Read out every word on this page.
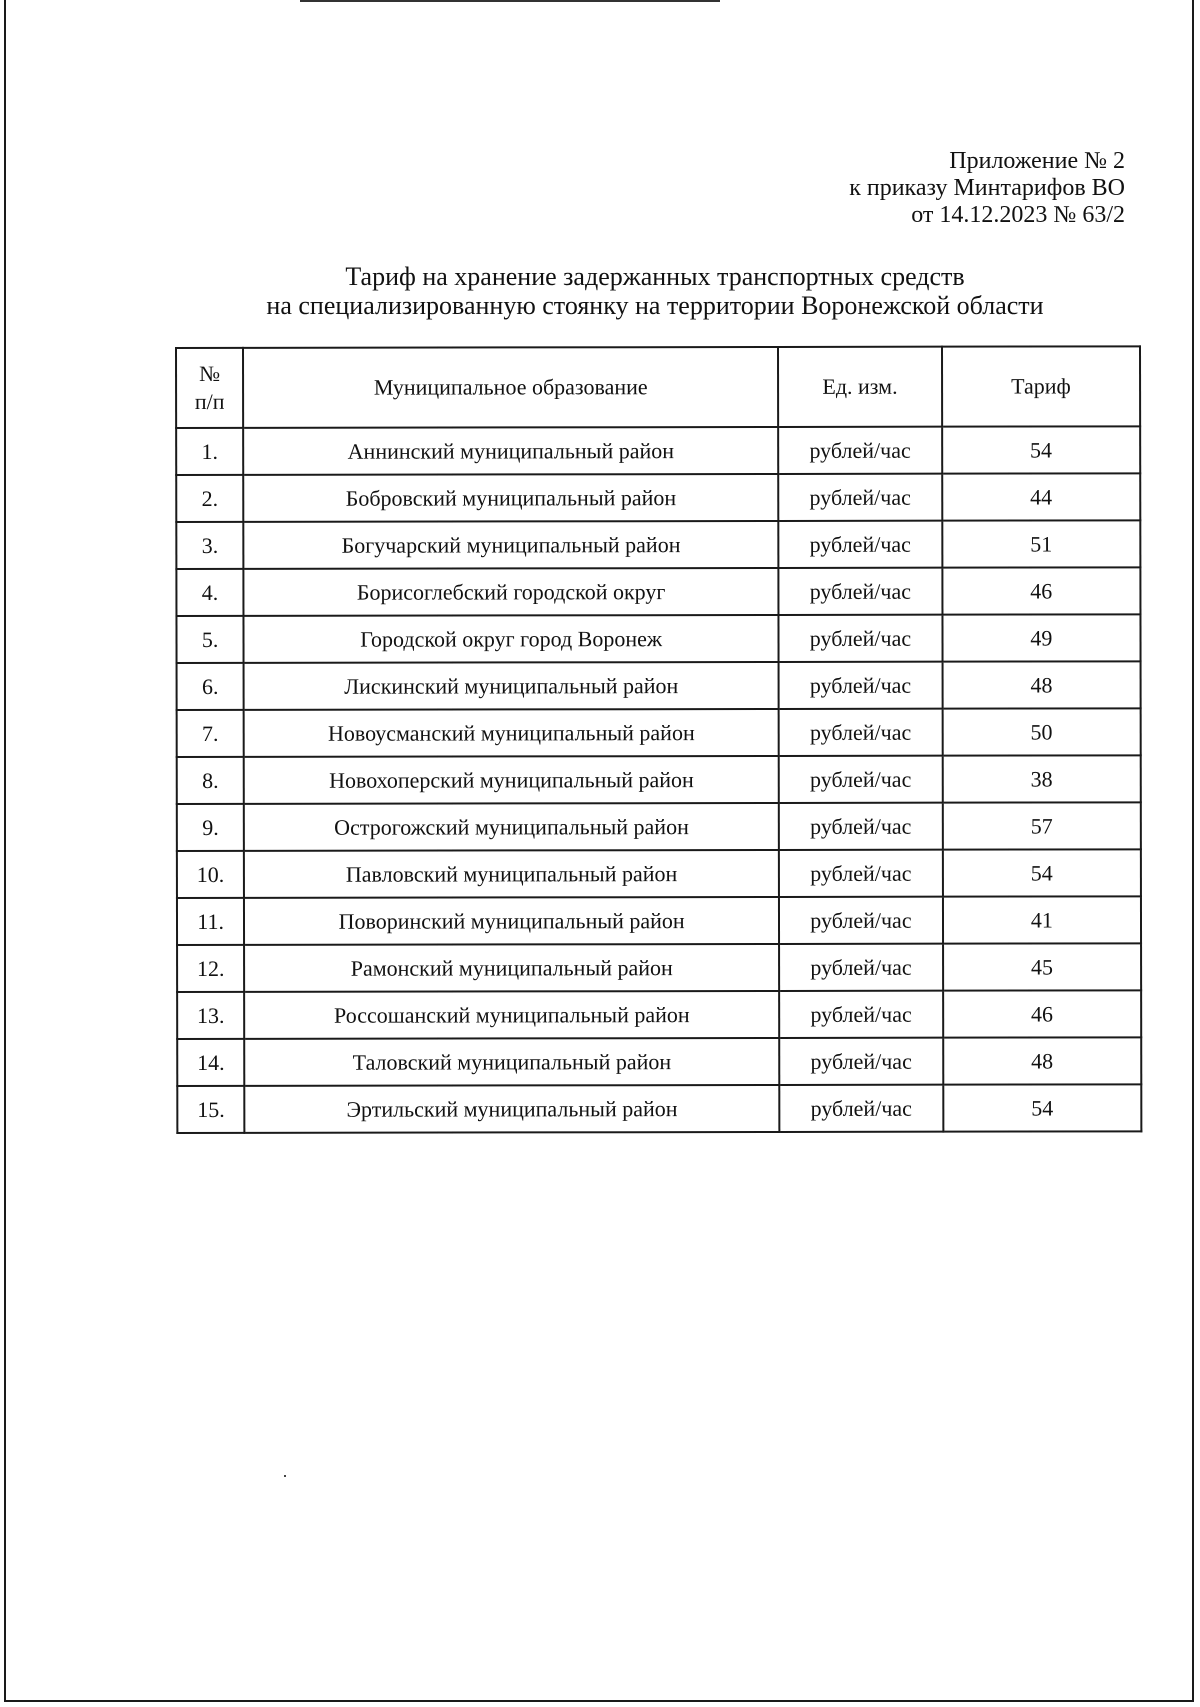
Приложение № 2
к приказу Минтарифов ВО
от 14.12.2023 № 63/2
Тариф на хранение задержанных транспортных средств
на специализированную стоянку на территории Воронежской области
№
п/п	Муниципальное образование	Ед. изм.	Тариф
1.	Аннинский муниципальный район	рублей/час	54
2.	Бобровский муниципальный район	рублей/час	44
3.	Богучарский муниципальный район	рублей/час	51
4.	Борисоглебский городской округ	рублей/час	46
5.	Городской округ город Воронеж	рублей/час	49
6.	Лискинский муниципальный район	рублей/час	48
7.	Новоусманский муниципальный район	рублей/час	50
8.	Новохоперский муниципальный район	рублей/час	38
9.	Острогожский муниципальный район	рублей/час	57
10.	Павловский муниципальный район	рублей/час	54
11.	Поворинский муниципальный район	рублей/час	41
12.	Рамонский муниципальный район	рублей/час	45
13.	Россошанский муниципальный район	рублей/час	46
14.	Таловский муниципальный район	рублей/час	48
15.	Эртильский муниципальный район	рублей/час	54
